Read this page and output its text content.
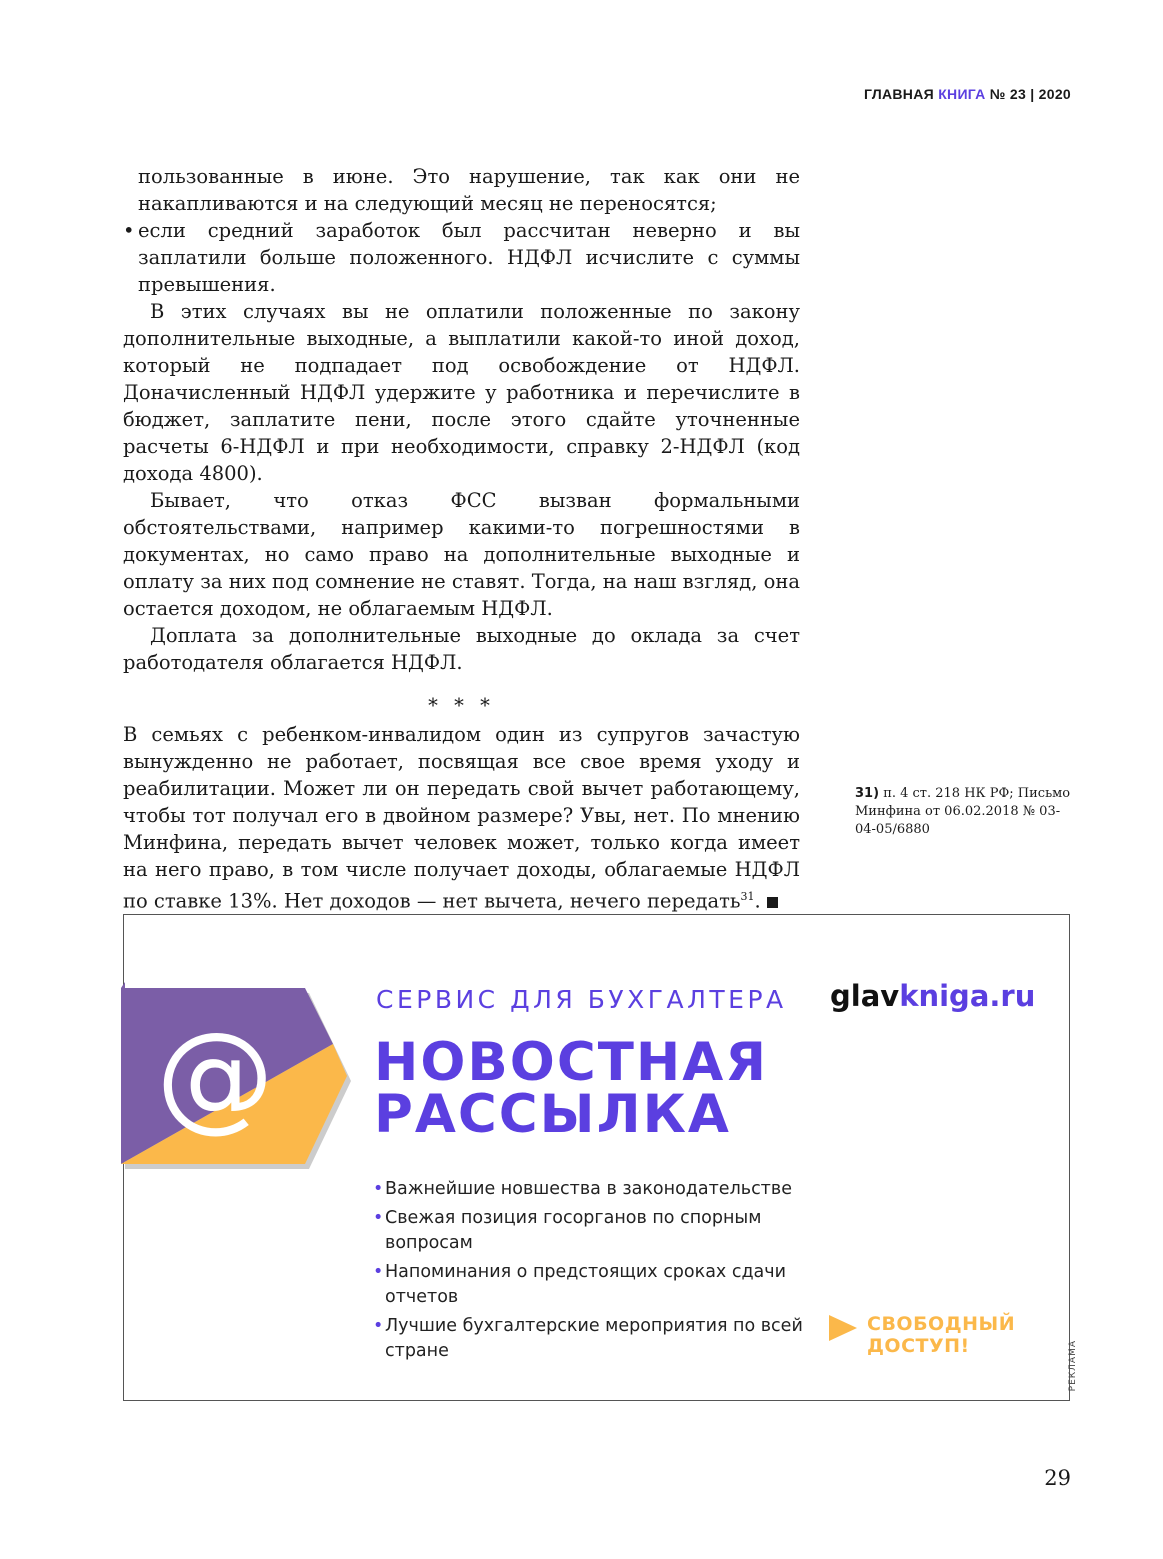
ГЛАВНАЯ КНИГА № 23 | 2020

пользованные в июне. Это нарушение, так как они не накапливаются и на следующий месяц не переносятся;

• если средний заработок был рассчитан неверно и вы заплатили больше положенного. НДФЛ исчислите с суммы превышения.

В этих случаях вы не оплатили положенные по закону дополнительные выходные, а выплатили какой-то иной доход, который не подпадает под освобождение от НДФЛ. Доначисленный НДФЛ удержите у работника и перечислите в бюджет, заплатите пени, после этого сдайте уточненные расчеты 6-НДФЛ и при необходимости, справку 2-НДФЛ (код дохода 4800).

Бывает, что отказ ФСС вызван формальными обстоятельствами, например какими-то погрешностями в документах, но само право на дополнительные выходные и оплату за них под сомнение не ставят. Тогда, на наш взгляд, она остается доходом, не облагаемым НДФЛ.

Доплата за дополнительные выходные до оклада за счет работодателя облагается НДФЛ.

* * *

В семьях с ребенком-инвалидом один из супругов зачастую вынужденно не работает, посвящая все свое время уходу и реабилитации. Может ли он передать свой вычет работающему, чтобы тот получал его в двойном размере? Увы, нет. По мнению Минфина, передать вычет человек может, только когда имеет на него право, в том числе получает доходы, облагаемые НДФЛ по ставке 13%. Нет доходов — нет вычета, нечего передать$^{31}$.

31) п. 4 ст. 218 НК РФ; Письмо Минфина от 06.02.2018 № 03-04-05/6880
@
СЕРВИС ДЛЯ БУХГАЛТЕРА glavkniga.ru
НОВОСТНАЯ
РАССЫЛКА
• Важнейшие новшества в законодательстве
• Свежая позиция госорганов по спорным вопросам
• Напоминания о предстоящих сроках сдачи отчетов
• Лучшие бухгалтерские мероприятия по всей стране
СВОБОДНЫЙ
ДОСТУП!	РЕКЛАМА
29
